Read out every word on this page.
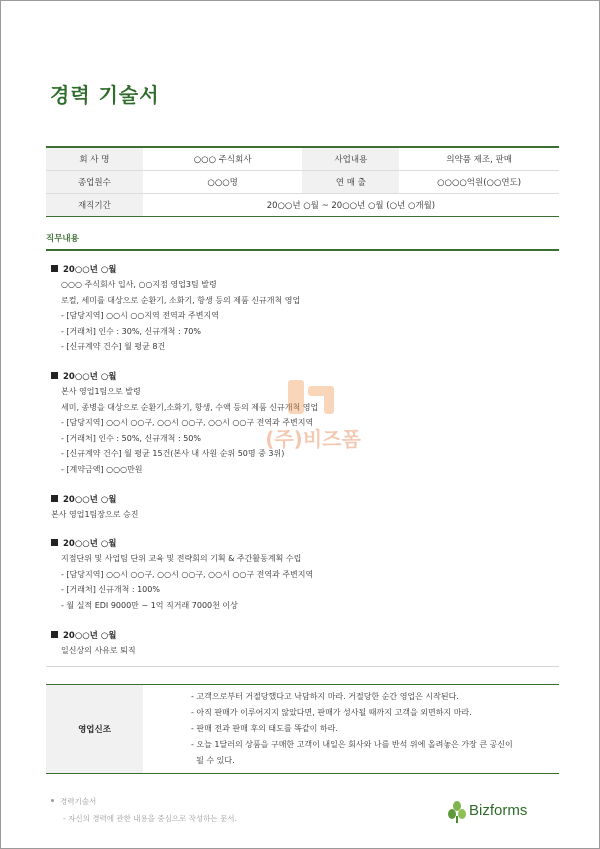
경력 기술서
회 사 명	○○○ 주식회사	사업내용	의약품 제조, 판매
종업원수	○○○명	연 매 출	○○○○억원(○○연도)
재직기간	20○○년 ○월 ~ 20○○년 ○월 (○년 ○개월)		
직무내용
20○○년 ○월
○○○ 주식회사 입사, ○○지점 영업3팀 발령
로컬, 세미를 대상으로 순환기, 소화기, 항생 등의 제품 신규개척 영업
- [담당지역] ○○시 ○○지역 전역과 주변지역
- [거래처] 인수 : 30%, 신규개척 : 70%
- [신규계약 건수] 월 평균 8건
20○○년 ○월
본사 영업1팀으로 발령
세미, 종병을 대상으로 순환기,소화기, 항생, 수액 등의 제품 신규개척 영업
- [담당지역] ○○시 ○○구, ○○시 ○○구, ○○시 ○○구 전역과 주변지역
- [거래처] 인수 : 50%, 신규개척 : 50%
- [신규계약 건수] 월 평균 15건(본사 내 사원 순위 50명 중 3위)
- [계약금액] ○○○만원
20○○년 ○월
본사 영업1팀장으로 승진
20○○년 ○월
지점단위 및 사업팀 단위 교육 및 전략회의 기획 & 주간활동계획 수립
- [담당지역] ○○시 ○○구, ○○시 ○○구, ○○시 ○○구 전역과 주변지역
- [거래처] 신규개척 : 100%
- 월 실적 EDI 9000만 ~ 1억 직거래 7000천 이상
20○○년 ○월
일신상의 사유로 퇴직
영업신조	
- 고객으로부터 거절당했다고 낙담하지 마라. 거절당한 순간 영업은 시작된다.
- 아직 판매가 이루어지지 않았다면, 판매가 성사될 때까지 고객을 외면하지 마라.
- 판매 전과 판매 후의 태도를 똑같이 하라.
- 오늘 1달러의 상품을 구매한 고객이 내일은 회사와 나를 반석 위에 올려놓은 가장 큰 공신이
될 수 있다.
경력기술서
- 자신의 경력에 관한 내용을 중심으로 작성하는 문서.	Bizforms
(주)비즈폼
